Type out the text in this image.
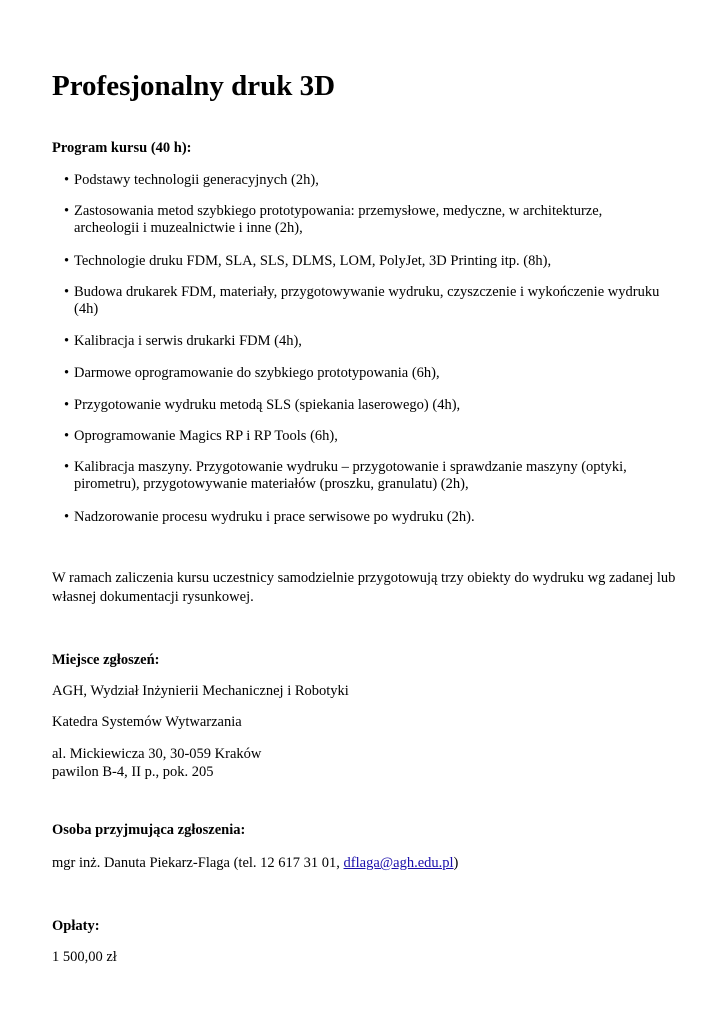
Profesjonalny druk 3D
Program kursu (40 h):
• Podstawy technologii generacyjnych (2h),
• Zastosowania metod szybkiego prototypowania: przemysłowe, medyczne, w architekturze, archeologii i muzealnictwie i inne (2h),
• Technologie druku FDM, SLA, SLS, DLMS, LOM, PolyJet, 3D Printing itp. (8h),
• Budowa drukarek FDM, materiały, przygotowywanie wydruku, czyszczenie i wykończenie wydruku (4h)
• Kalibracja i serwis drukarki FDM (4h),
• Darmowe oprogramowanie do szybkiego prototypowania (6h),
• Przygotowanie wydruku metodą SLS (spiekania laserowego) (4h),
• Oprogramowanie Magics RP i RP Tools (6h),
• Kalibracja maszyny. Przygotowanie wydruku – przygotowanie i sprawdzanie maszyny (optyki, pirometru), przygotowywanie materiałów (proszku, granulatu) (2h),
• Nadzorowanie procesu wydruku i prace serwisowe po wydruku (2h).
W ramach zaliczenia kursu uczestnicy samodzielnie przygotowują trzy obiekty do wydruku wg zadanej lub własnej dokumentacji rysunkowej.
Miejsce zgłoszeń:
AGH, Wydział Inżynierii Mechanicznej i Robotyki
Katedra Systemów Wytwarzania
al. Mickiewicza 30, 30-059 Kraków
pawilon B-4, II p., pok. 205
Osoba przyjmująca zgłoszenia:
mgr inż. Danuta Piekarz-Flaga (tel. 12 617 31 01, dflaga@agh.edu.pl)
Opłaty:
1 500,00 zł
